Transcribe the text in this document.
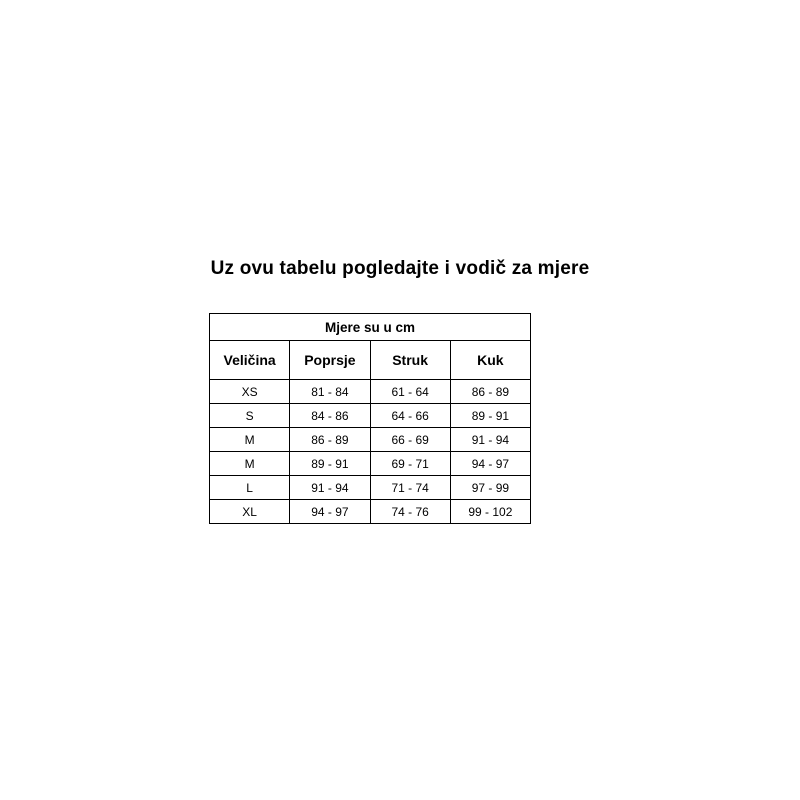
Uz ovu tabelu pogledajte i vodič za mjere
Mjere su u cm			
Veličina	Poprsje	Struk	Kuk
XS	81 - 84	61 - 64	86 - 89
S	84 - 86	64 - 66	89 - 91
M	86 - 89	66 - 69	91 - 94
M	89 - 91	69 - 71	94 - 97
L	91 - 94	71 - 74	97 - 99
XL	94 - 97	74 - 76	99 - 102
